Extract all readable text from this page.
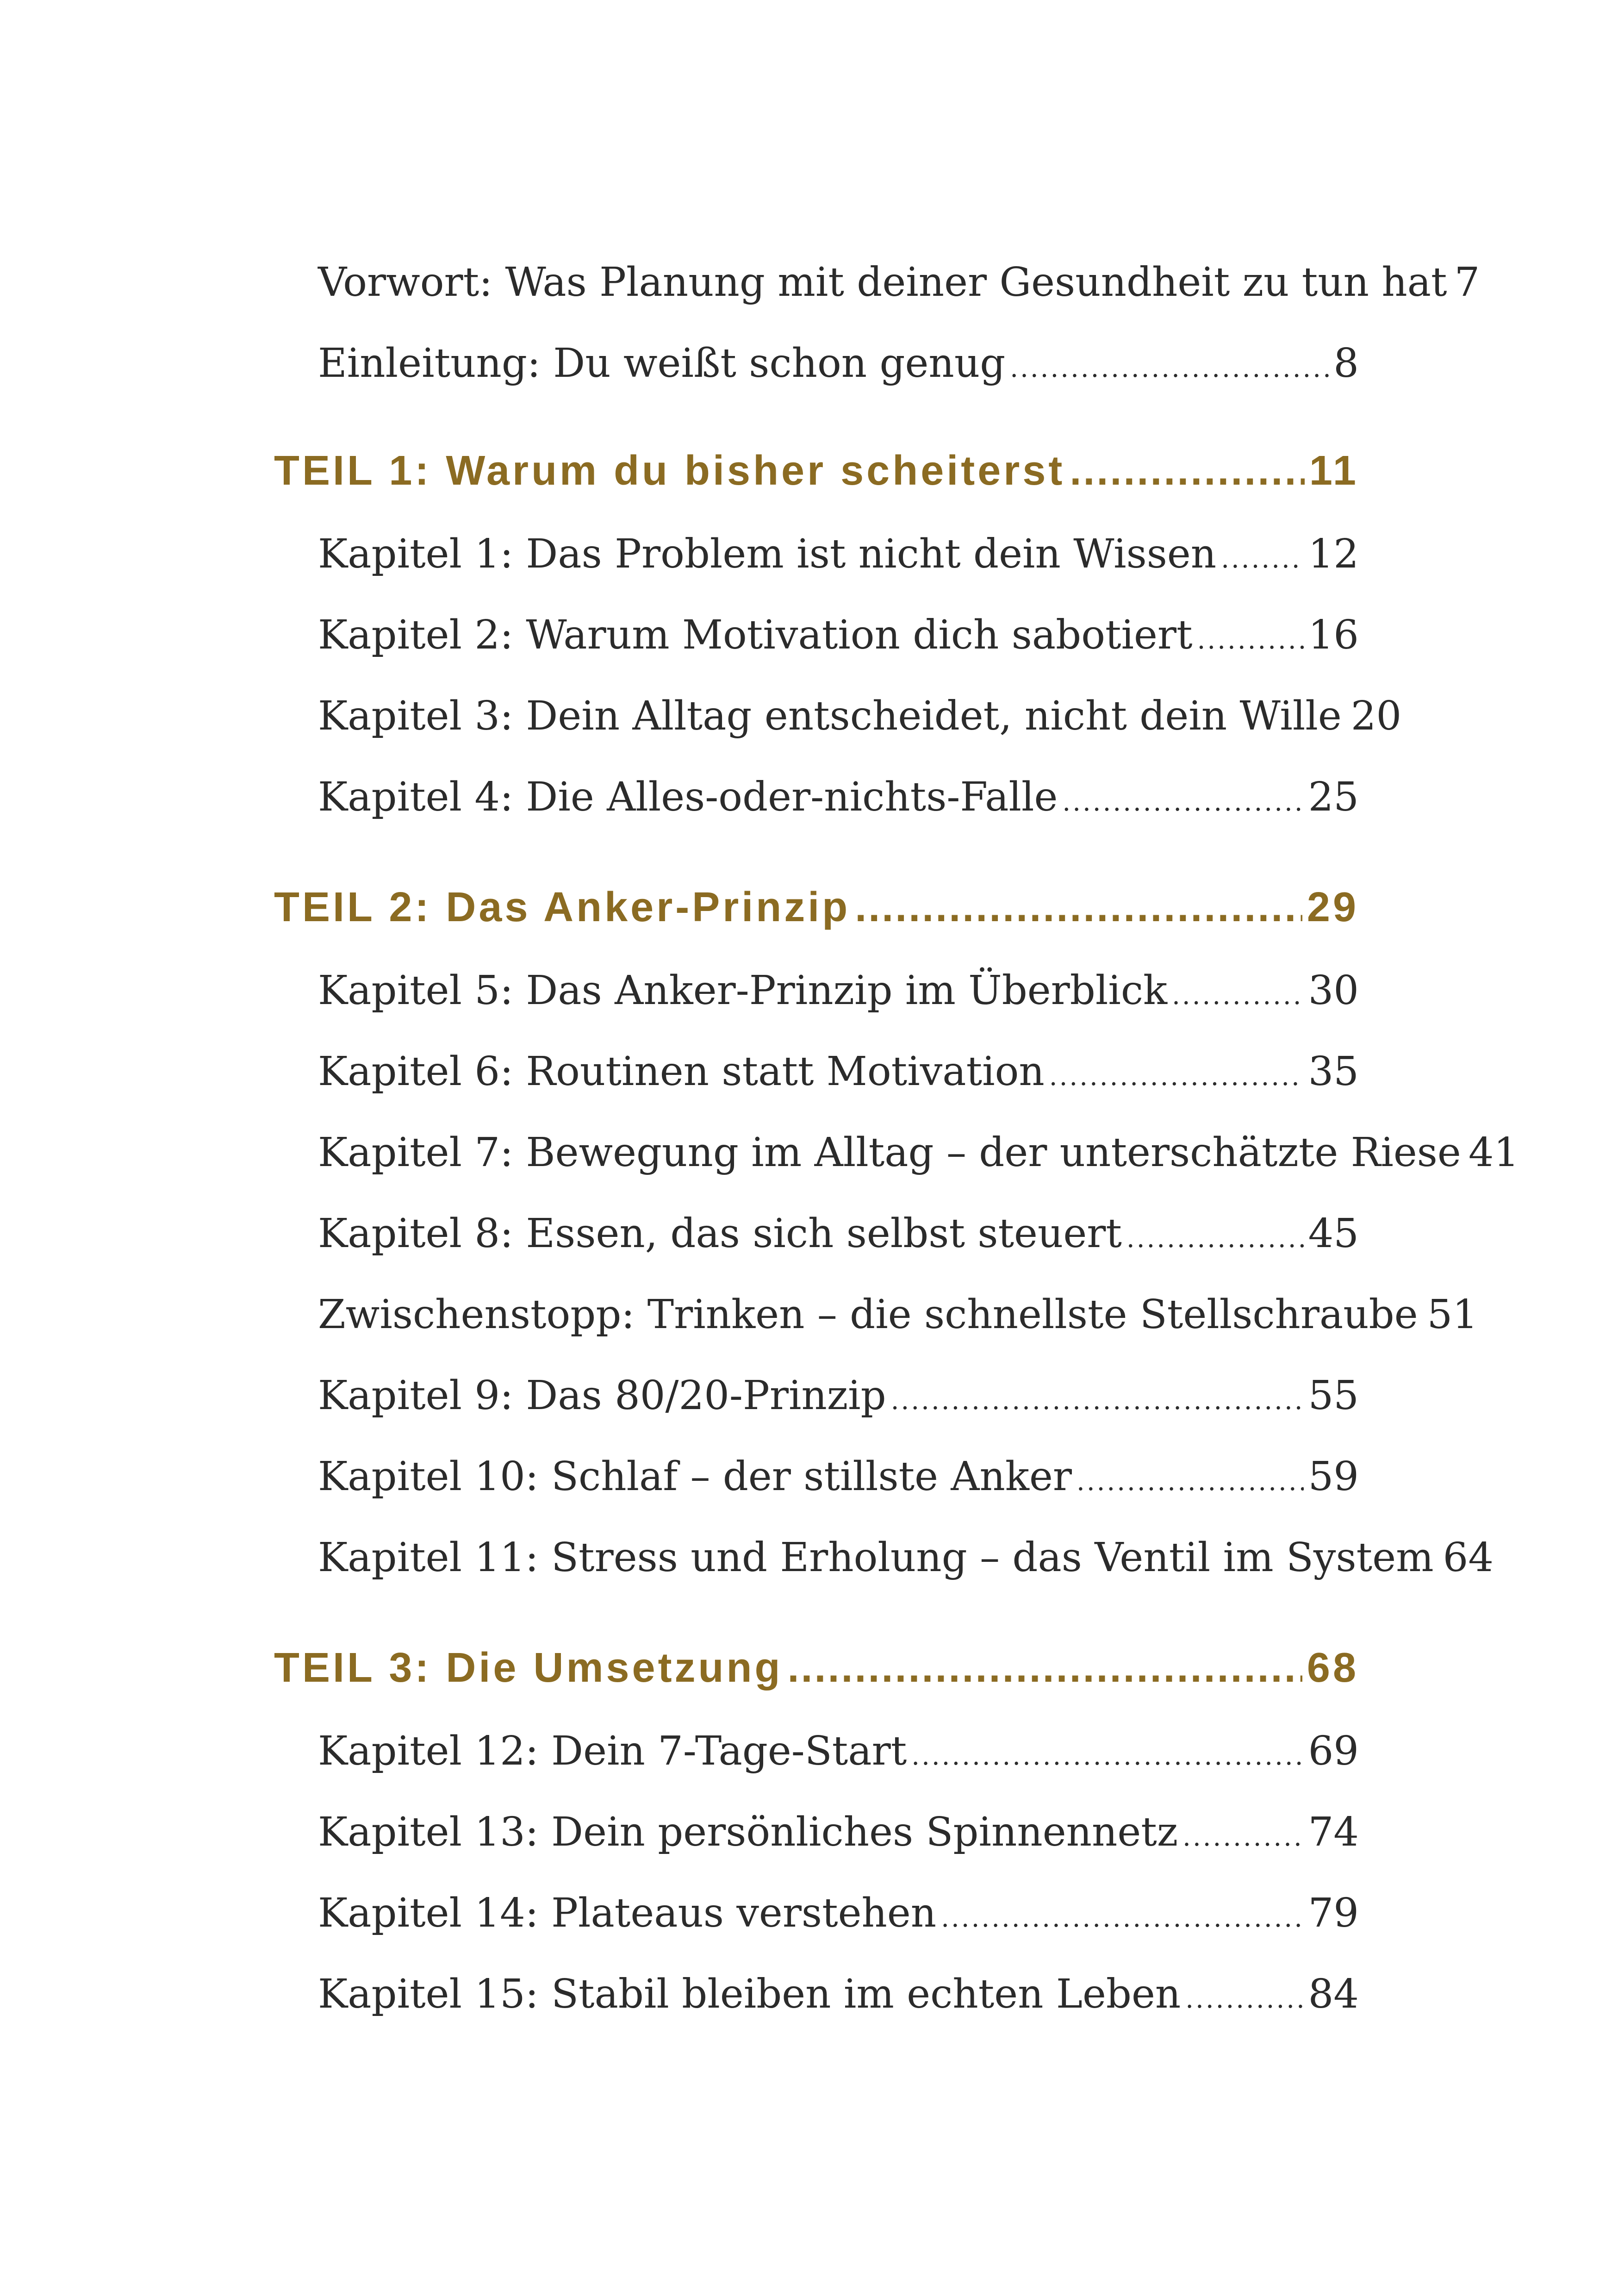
Vorwort: Was Planung mit deiner Gesundheit zu tun hat 7
Einleitung: Du weißt schon genug .....	8
TEIL 1: Warum du bisher scheiterst .....	11
Kapitel 1: Das Problem ist nicht dein Wissen ..... 12
Kapitel 2: Warum Motivation dich sabotiert .....	16
Kapitel 3: Dein Alltag entscheidet, nicht dein Wille 20
Kapitel 4: Die Alles-oder-nichts-Falle .....	25
TEIL 2: Das Anker-Prinzip .....	29
Kapitel 5: Das Anker-Prinzip im Überblick .....	30
Kapitel 6: Routinen statt Motivation .....	35
Kapitel 7: Bewegung im Alltag – der unterschätzte Riese 41
Kapitel 8: Essen, das sich selbst steuert .....	45
Zwischenstopp: Trinken – die schnellste Stellschraube 51
Kapitel 9: Das 80/20-Prinzip .....	55
Kapitel 10: Schlaf – der stillste Anker .....	59
Kapitel 11: Stress und Erholung – das Ventil im System 64
TEIL 3: Die Umsetzung .....	68
Kapitel 12: Dein 7-Tage-Start .....	69
Kapitel 13: Dein persönliches Spinnennetz .....	74
Kapitel 14: Plateaus verstehen .....	79
Kapitel 15: Stabil bleiben im echten Leben .....	84
